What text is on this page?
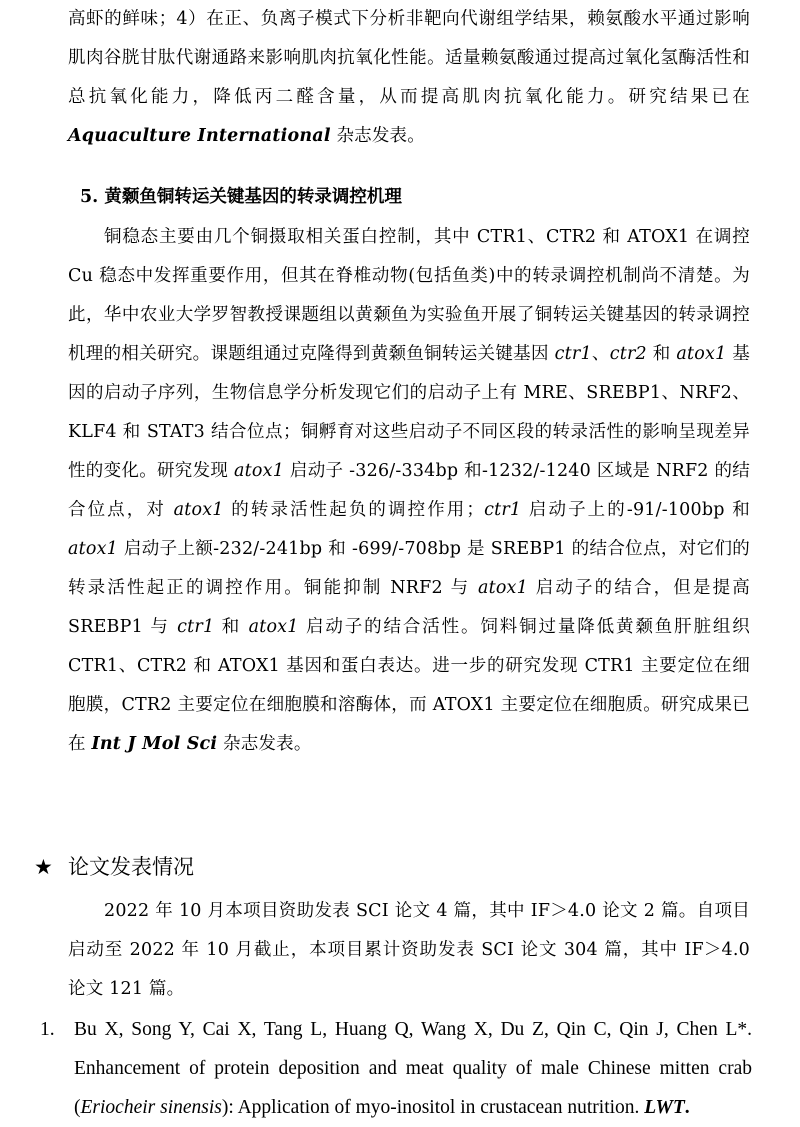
高虾的鲜味；4）在正、负离子模式下分析非靶向代谢组学结果，赖氨酸水平通过影响肌肉谷胱甘肽代谢通路来影响肌肉抗氧化性能。适量赖氨酸通过提高过氧化氢酶活性和总抗氧化能力，降低丙二醛含量，从而提高肌肉抗氧化能力。研究结果已在 Aquaculture International 杂志发表。

5. 黄颡鱼铜转运关键基因的转录调控机理

铜稳态主要由几个铜摄取相关蛋白控制，其中 CTR1、CTR2 和 ATOX1 在调控 Cu 稳态中发挥重要作用，但其在脊椎动物(包括鱼类)中的转录调控机制尚不清楚。为此，华中农业大学罗智教授课题组以黄颡鱼为实验鱼开展了铜转运关键基因的转录调控机理的相关研究。课题组通过克隆得到黄颡鱼铜转运关键基因 ctr1、ctr2 和 atox1 基因的启动子序列，生物信息学分析发现它们的启动子上有 MRE、SREBP1、NRF2、KLF4 和 STAT3 结合位点；铜孵育对这些启动子不同区段的转录活性的影响呈现差异性的变化。研究发现 atox1 启动子 -326/-334bp 和-1232/-1240 区域是 NRF2 的结合位点，对 atox1 的转录活性起负的调控作用；ctr1 启动子上的-91/-100bp 和 atox1 启动子上额-232/-241bp 和 -699/-708bp 是 SREBP1 的结合位点，对它们的转录活性起正的调控作用。铜能抑制 NRF2 与 atox1 启动子的结合，但是提高 SREBP1 与 ctr1 和 atox1 启动子的结合活性。饲料铜过量降低黄颡鱼肝脏组织 CTR1、CTR2 和 ATOX1 基因和蛋白表达。进一步的研究发现 CTR1 主要定位在细胞膜，CTR2 主要定位在细胞膜和溶酶体，而 ATOX1 主要定位在细胞质。研究成果已在 Int J Mol Sci 杂志发表。

★ 论文发表情况

2022 年 10 月本项目资助发表 SCI 论文 4 篇，其中 IF＞4.0 论文 2 篇。自项目启动至 2022 年 10 月截止，本项目累计资助发表 SCI 论文 304 篇，其中 IF＞4.0 论文 121 篇。

1. Bu X, Song Y, Cai X, Tang L, Huang Q, Wang X, Du Z, Qin C, Qin J, Chen L*. Enhancement of protein deposition and meat quality of male Chinese mitten crab (Eriocheir sinensis): Application of myo-inositol in crustacean nutrition. LWT.
